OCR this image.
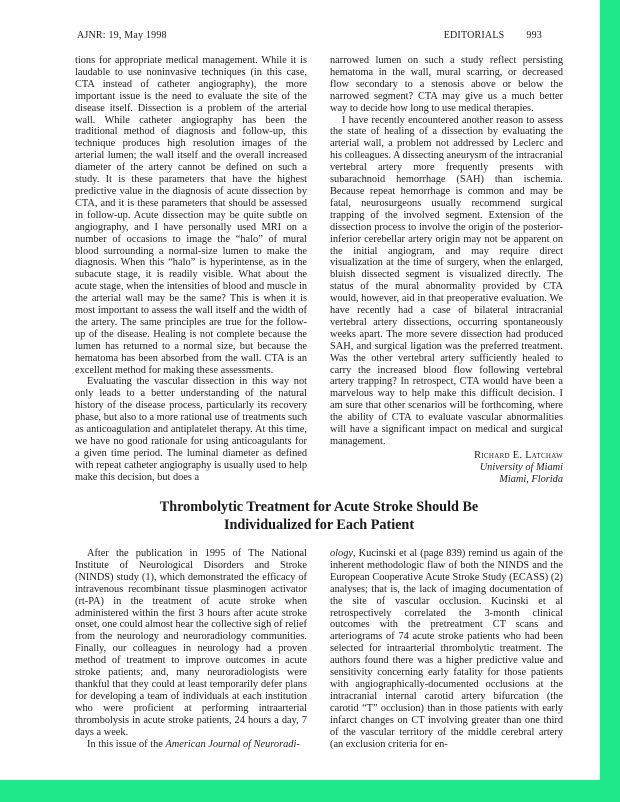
AJNR: 19, May 1998	EDITORIALS 993

tions for appropriate medical management. While it is laudable to use noninvasive techniques (in this case, CTA instead of catheter angiography), the more important issue is the need to evaluate the site of the disease itself. Dissection is a problem of the arterial wall. While catheter angiography has been the traditional method of diagnosis and follow-up, this technique produces high resolution images of the arterial lumen; the wall itself and the overall increased diameter of the artery cannot be defined on such a study. It is these parameters that have the highest predictive value in the diagnosis of acute dissection by CTA, and it is these parameters that should be assessed in follow-up. Acute dissection may be quite subtle on angiography, and I have personally used MRI on a number of occasions to image the “halo” of mural blood surrounding a normal-size lumen to make the diagnosis. When this “halo” is hyperintense, as in the subacute stage, it is readily visible. What about the acute stage, when the intensities of blood and muscle in the arterial wall may be the same? This is when it is most important to assess the wall itself and the width of the artery. The same principles are true for the follow-up of the disease. Healing is not complete because the lumen has returned to a normal size, but because the hematoma has been absorbed from the wall. CTA is an excellent method for making these assessments.

Evaluating the vascular dissection in this way not only leads to a better understanding of the natural history of the disease process, particularly its recovery phase, but also to a more rational use of treatments such as anticoagulation and antiplatelet therapy. At this time, we have no good rationale for using anticoagulants for a given time period. The luminal diameter as defined with repeat catheter angiography is usually used to help make this decision, but does a

narrowed lumen on such a study reflect persisting hematoma in the wall, mural scarring, or decreased flow secondary to a stenosis above or below the narrowed segment? CTA may give us a much better way to decide how long to use medical therapies.

I have recently encountered another reason to assess the state of healing of a dissection by evaluating the arterial wall, a problem not addressed by Leclerc and his colleagues. A dissecting aneurysm of the intracranial vertebral artery more frequently presents with subarachnoid hemorrhage (SAH) than ischemia. Because repeat hemorrhage is common and may be fatal, neurosurgeons usually recommend surgical trapping of the involved segment. Extension of the dissection process to involve the origin of the posterior-inferior cerebellar artery origin may not be apparent on the initial angiogram, and may require direct visualization at the time of surgery, when the enlarged, bluish dissected segment is visualized directly. The status of the mural abnormality provided by CTA would, however, aid in that preoperative evaluation. We have recently had a case of bilateral intracranial vertebral artery dissections, occurring spontaneously weeks apart. The more severe dissection had produced SAH, and surgical ligation was the preferred treatment. Was the other vertebral artery sufficiently healed to carry the increased blood flow following vertebral artery trapping? In retrospect, CTA would have been a marvelous way to help make this difficult decision. I am sure that other scenarios will be forthcoming, where the ability of CTA to evaluate vascular abnormalities will have a significant impact on medical and surgical management.

Richard E. Latchaw
University of Miami
Miami, Florida
Thrombolytic Treatment for Acute Stroke Should Be
Individualized for Each Patient

After the publication in 1995 of The National Institute of Neurological Disorders and Stroke (NINDS) study (1), which demonstrated the efficacy of intravenous recombinant tissue plasminogen activator (rt-PA) in the treatment of acute stroke when administered within the first 3 hours after acute stroke onset, one could almost hear the collective sigh of relief from the neurology and neuroradiology communities. Finally, our colleagues in neurology had a proven method of treatment to improve outcomes in acute stroke patients; and, many neuroradiologists were thankful that they could at least temporarily defer plans for developing a team of individuals at each institution who were proficient at performing intraarterial thrombolysis in acute stroke patients, 24 hours a day, 7 days a week.

In this issue of the American Journal of Neuroradi-

ology, Kucinski et al (page 839) remind us again of the inherent methodologic flaw of both the NINDS and the European Cooperative Acute Stroke Study (ECASS) (2) analyses; that is, the lack of imaging documentation of the site of vascular occlusion. Kucinski et al retrospectively correlated the 3-month clinical outcomes with the pretreatment CT scans and arteriograms of 74 acute stroke patients who had been selected for intraarterial thrombolytic treatment. The authors found there was a higher predictive value and sensitivity concerning early fatality for those patients with angiographically-documented occlusions at the intracranial internal carotid artery bifurcation (the carotid “T” occlusion) than in those patients with early infarct changes on CT involving greater than one third of the vascular territory of the middle cerebral artery (an exclusion criteria for en-
